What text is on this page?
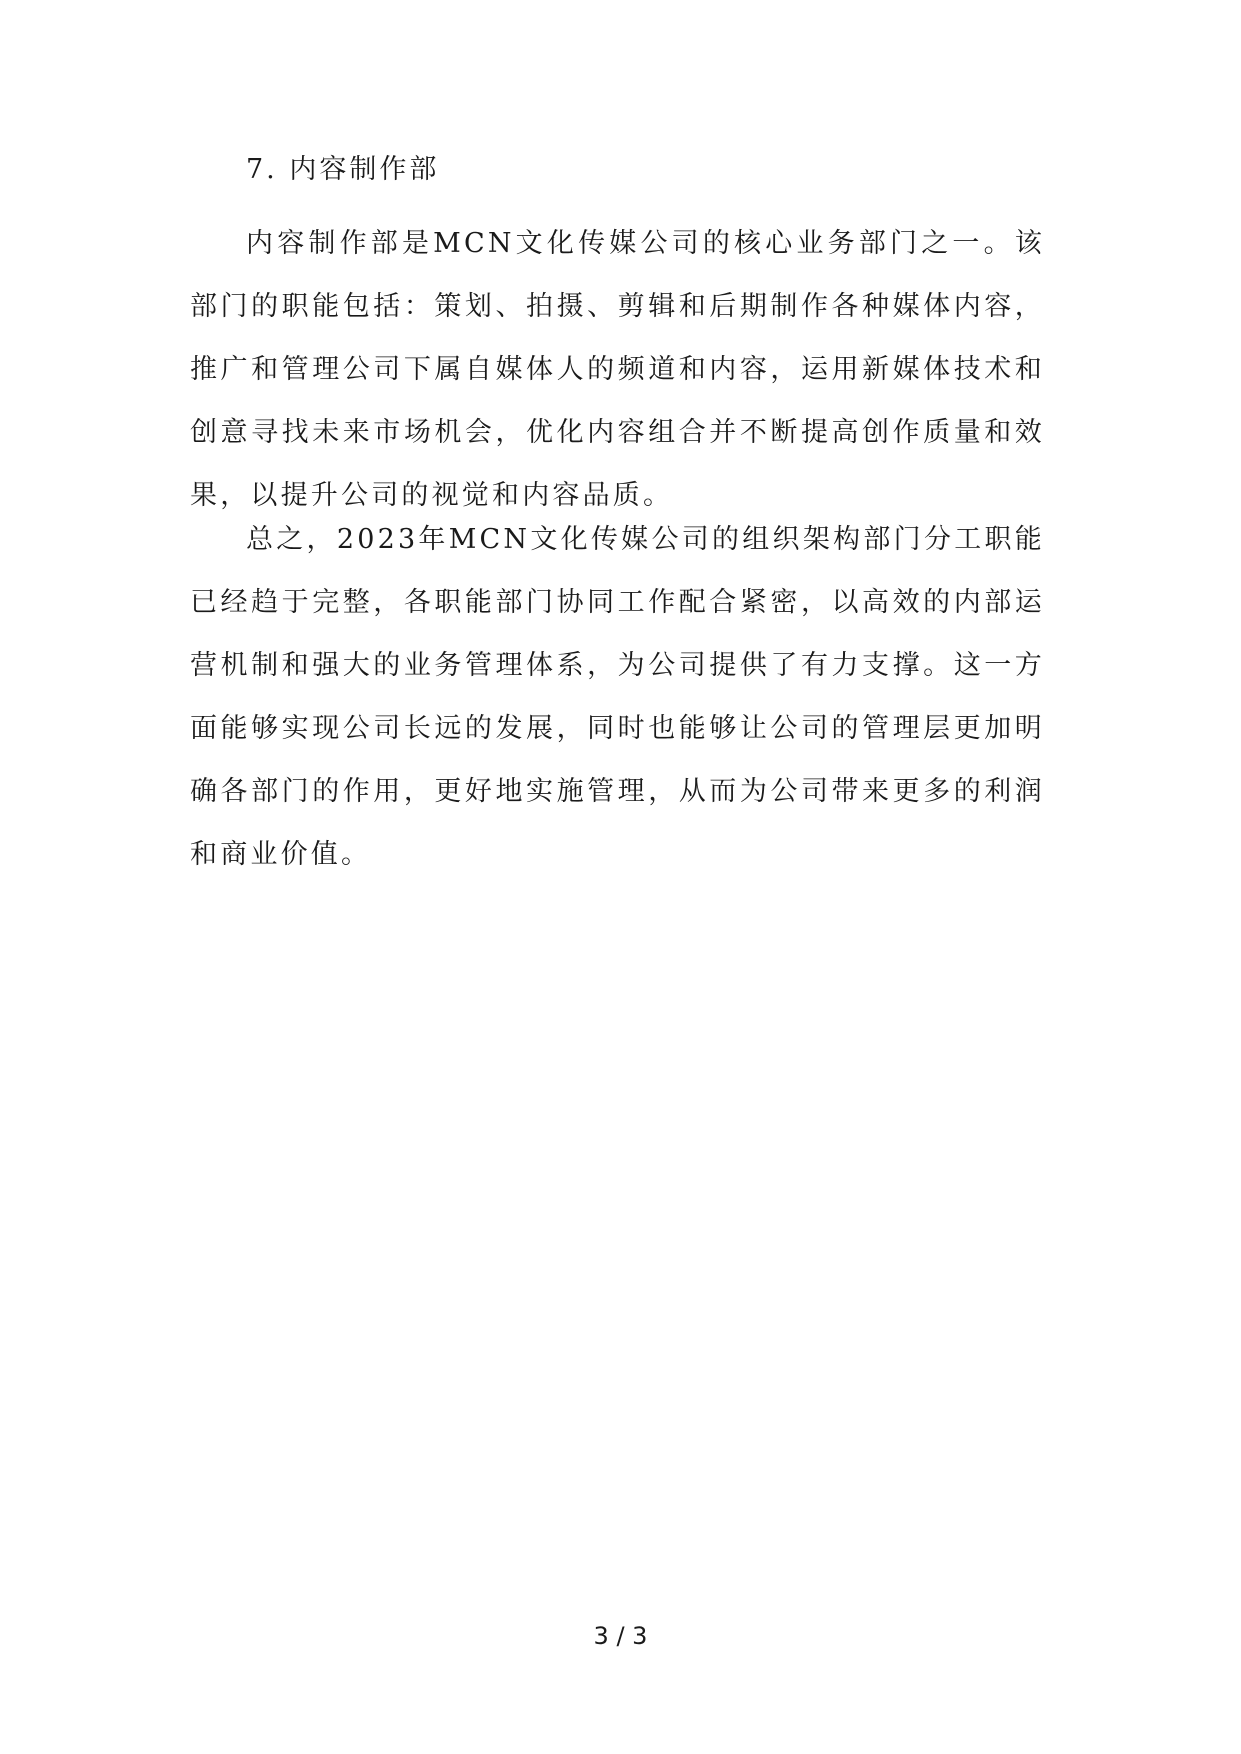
7. 内容制作部

内容制作部是MCN文化传媒公司的核心业务部门之一。该部门的职能包括：策划、拍摄、剪辑和后期制作各种媒体内容，推广和管理公司下属自媒体人的频道和内容，运用新媒体技术和创意寻找未来市场机会，优化内容组合并不断提高创作质量和效果，以提升公司的视觉和内容品质。

总之，2023年MCN文化传媒公司的组织架构部门分工职能已经趋于完整，各职能部门协同工作配合紧密，以高效的内部运营机制和强大的业务管理体系，为公司提供了有力支撑。这一方面能够实现公司长远的发展，同时也能够让公司的管理层更加明确各部门的作用，更好地实施管理，从而为公司带来更多的利润和商业价值。

3 / 3
